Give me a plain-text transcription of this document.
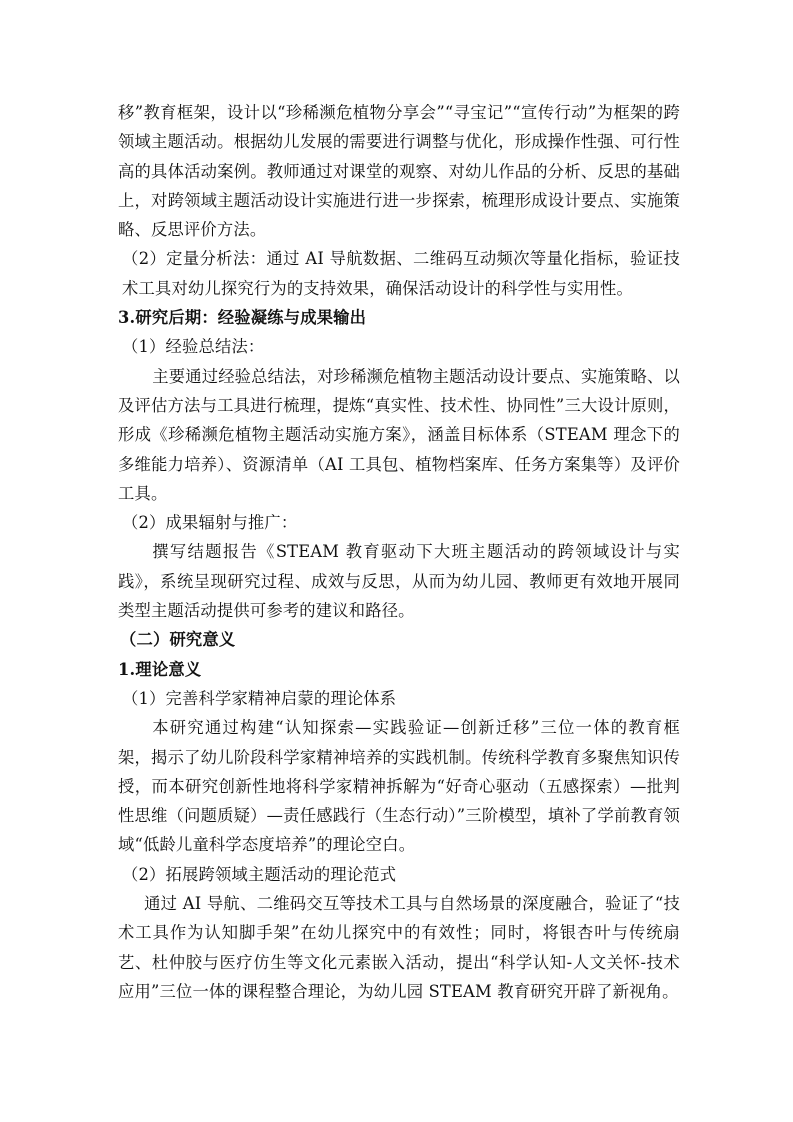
移”教育框架，设计以“珍稀濒危植物分享会”“寻宝记”“宣传行动”为框架的跨领域主题活动。根据幼儿发展的需要进行调整与优化，形成操作性强、可行性高的具体活动案例。教师通过对课堂的观察、对幼儿作品的分析、反思的基础上，对跨领域主题活动设计实施进行进一步探索，梳理形成设计要点、实施策略、反思评价方法。

（2）定量分析法：通过 AI 导航数据、二维码互动频次等量化指标，验证技术工具对幼儿探究行为的支持效果，确保活动设计的科学性与实用性。

3.研究后期：经验凝练与成果输出

（1）经验总结法：

主要通过经验总结法，对珍稀濒危植物主题活动设计要点、实施策略、以及评估方法与工具进行梳理，提炼“真实性、技术性、协同性”三大设计原则，形成《珍稀濒危植物主题活动实施方案》，涵盖目标体系（STEAM 理念下的多维能力培养）、资源清单（AI 工具包、植物档案库、任务方案集等）及评价工具。

（2）成果辐射与推广：

撰写结题报告《STEAM 教育驱动下大班主题活动的跨领域设计与实践》，系统呈现研究过程、成效与反思，从而为幼儿园、教师更有效地开展同类型主题活动提供可参考的建议和路径。

（二）研究意义

1.理论意义

（1）完善科学家精神启蒙的理论体系

本研究通过构建“认知探索—实践验证—创新迁移”三位一体的教育框架，揭示了幼儿阶段科学家精神培养的实践机制。传统科学教育多聚焦知识传授，而本研究创新性地将科学家精神拆解为“好奇心驱动（五感探索）—批判性思维（问题质疑）—责任感践行（生态行动）”三阶模型，填补了学前教育领域“低龄儿童科学态度培养”的理论空白。

（2）拓展跨领域主题活动的理论范式

通过 AI 导航、二维码交互等技术工具与自然场景的深度融合，验证了“技术工具作为认知脚手架”在幼儿探究中的有效性；同时，将银杏叶与传统扇艺、杜仲胶与医疗仿生等文化元素嵌入活动，提出“科学认知-人文关怀-技术应用”三位一体的课程整合理论，为幼儿园 STEAM 教育研究开辟了新视角。
